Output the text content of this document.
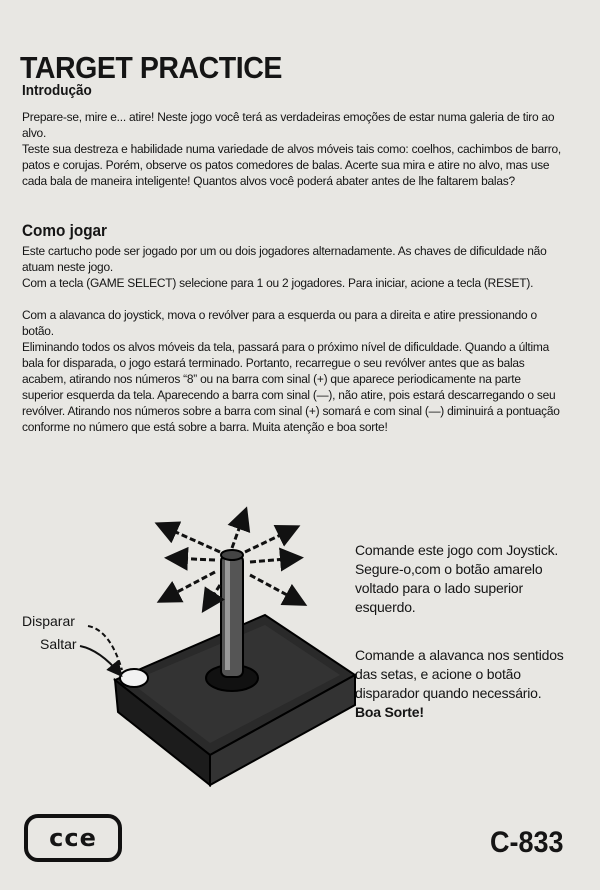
TARGET PRACTICE
Introdução

Prepare-se, mire e... atire! Neste jogo você terá as verdadeiras emoções de estar numa galeria de tiro ao alvo.

Teste sua destreza e habilidade numa variedade de alvos móveis tais como: coelhos, cachimbos de barro, patos e corujas. Porém, observe os patos comedores de balas. Acerte sua mira e atire no alvo, mas use cada bala de maneira inteligente! Quantos alvos você poderá abater antes de lhe faltarem balas?

Como jogar

Este cartucho pode ser jogado por um ou dois jogadores alternadamente. As chaves de dificuldade não atuam neste jogo.

Com a tecla (GAME SELECT) selecione para 1 ou 2 jogadores. Para iniciar, acione a tecla (RESET).

Com a alavanca do joystick, mova o revólver para a esquerda ou para a direita e atire pressionando o botão.

Eliminando todos os alvos móveis da tela, passará para o próximo nível de dificuldade. Quando a última bala for disparada, o jogo estará terminado. Portanto, recarregue o seu revólver antes que as balas acabem, atirando nos números “8” ou na barra com sinal (+) que aparece periodicamente na parte superior esquerda da tela. Aparecendo a barra com sinal (—), não atire, pois estará descarregando o seu revólver. Atirando nos números sobre a barra com sinal (+) somará e com sinal (—) diminuirá a pontuação conforme no número que está sobre a barra. Muita atenção e boa sorte!

Disparar
Saltar

Comande este jogo com Joystick. Segure-o,com o botão amarelo voltado para o lado superior esquerdo.

Comande a alavanca nos sentidos das setas, e acione o botão disparador quando necessário.
Boa Sorte!

cce	C-833
